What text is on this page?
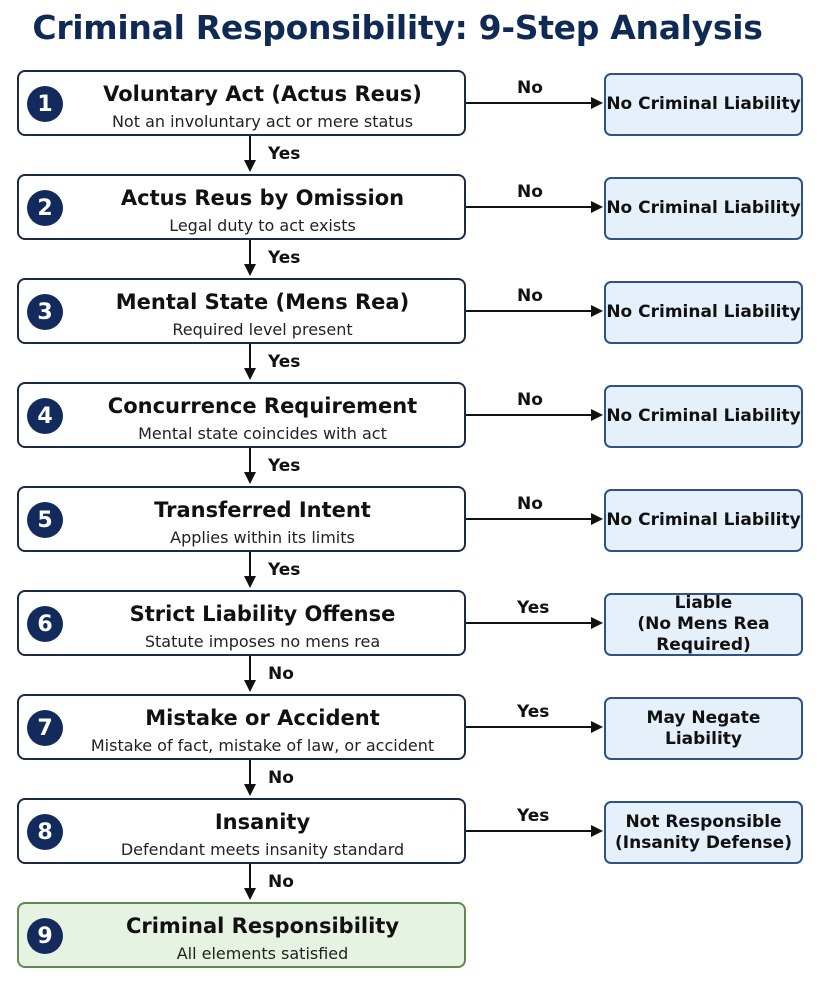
Criminal Responsibility: 9-Step Analysis
1	Voluntary Act (Actus Reus)
Not an involuntary act or mere status
No
No Criminal Liability
Yes
2	Actus Reus by Omission
Legal duty to act exists
No
No Criminal Liability
Yes
3	Mental State (Mens Rea)
Required level present
No
No Criminal Liability
Yes
4	Concurrence Requirement
Mental state coincides with act
No
No Criminal Liability
Yes
5	Transferred Intent
Applies within its limits
No
No Criminal Liability
Yes
6	Strict Liability Offense
Statute imposes no mens rea
Yes	Liable
(No Mens Rea Required)
No
7	Mistake or Accident
Mistake of fact, mistake of law, or accident
Yes	May Negate Liability
No
8	Insanity
Defendant meets insanity standard
Yes	Not Responsible
(Insanity Defense)
No
9	Criminal Responsibility
All elements satisfied
